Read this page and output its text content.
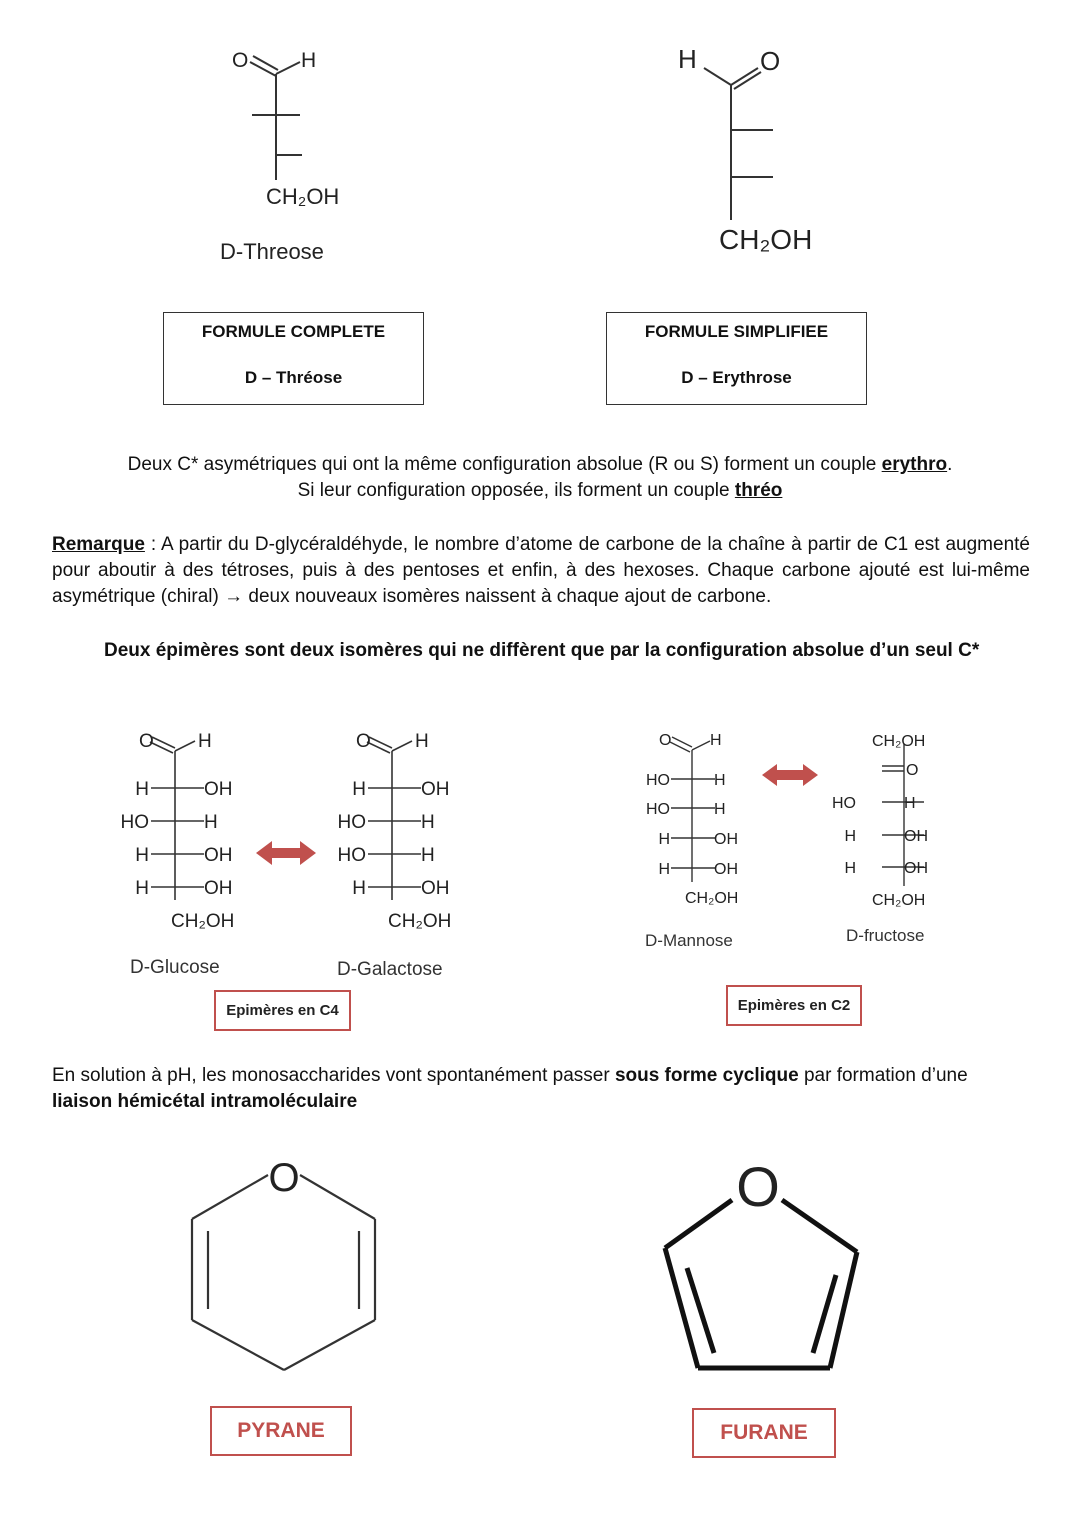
O	H
CH₂OH
D-Threose
H O
CH₂OH
FORMULE COMPLETE
D – Thréose
FORMULE SIMPLIFIEE
D – Erythrose
Deux C* asymétriques qui ont la même configuration absolue (R ou S) forment un couple erythro.
Si leur configuration opposée, ils forment un couple thréo
Remarque : A partir du D-glycéraldéhyde, le nombre d’atome de carbone de la chaîne à partir de C1 est augmenté pour aboutir à des tétroses, puis à des pentoses et enfin, à des hexoses. Chaque carbone ajouté est lui-même asymétrique (chiral) → deux nouveaux isomères naissent à chaque ajout de carbone.
Deux épimères sont deux isomères qui ne diffèrent que par la configuration absolue d’un seul C*
O H
H	OH
HO	H
H	OH
H	OH
CH₂OH
D-Glucose
O H
H	OH
HO	H
HO	H
H	OH
CH₂OH
D-Galactose
Epimères en C4
O H
HO	H
HO	H
H	OH
H	OH
CH₂OH
D-Mannose
CH₂OH
O
HO	H
H	OH
H	OH
CH₂OH
D-fructose
Epimères en C2
En solution à pH, les monosaccharides vont spontanément passer sous forme cyclique par formation d’une liaison hémicétal intramoléculaire
O
PYRANE
O
FURANE
